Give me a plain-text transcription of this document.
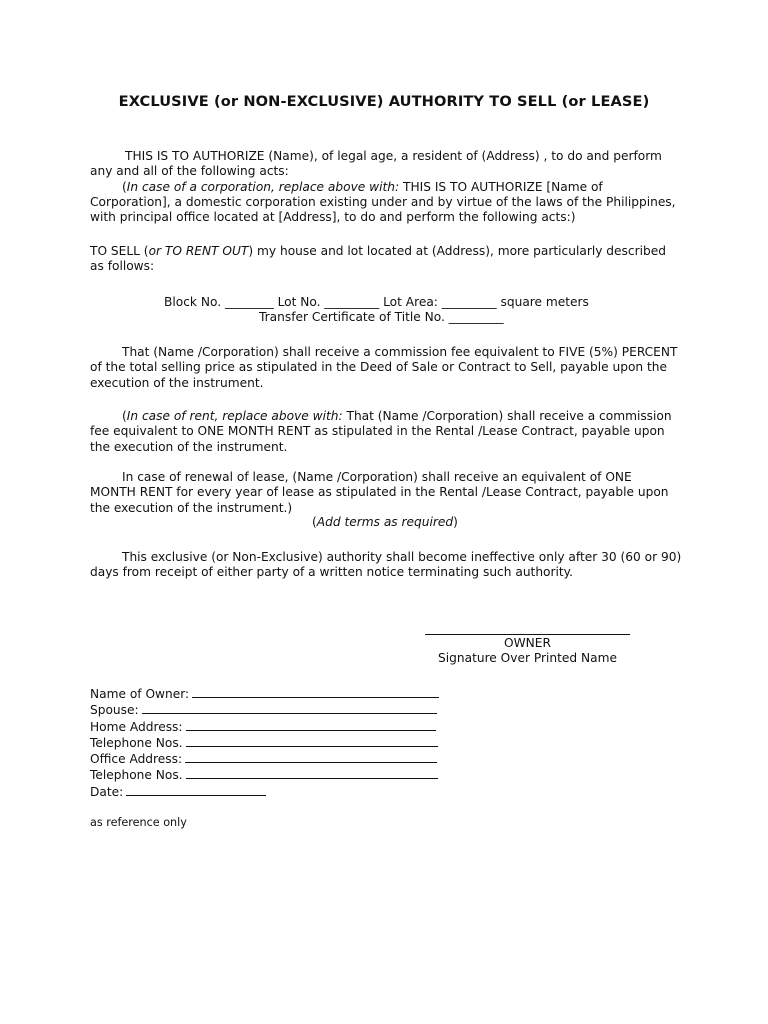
EXCLUSIVE (or NON-EXCLUSIVE) AUTHORITY TO SELL (or LEASE)
THIS IS TO AUTHORIZE (Name), of legal age, a resident of (Address) , to do and perform
any and all of the following acts:
(In case of a corporation, replace above with: THIS IS TO AUTHORIZE [Name of
Corporation], a domestic corporation existing under and by virtue of the laws of the Philippines,
with principal office located at [Address], to do and perform the following acts:)
TO SELL (or TO RENT OUT) my house and lot located at (Address), more particularly described
as follows:
Block No. ________ Lot No. _________ Lot Area: _________ square meters
Transfer Certificate of Title No. _________
That (Name /Corporation) shall receive a commission fee equivalent to FIVE (5%) PERCENT
of the total selling price as stipulated in the Deed of Sale or Contract to Sell, payable upon the
execution of the instrument.
(In case of rent, replace above with: That (Name /Corporation) shall receive a commission
fee equivalent to ONE MONTH RENT as stipulated in the Rental /Lease Contract, payable upon
the execution of the instrument.
In case of renewal of lease, (Name /Corporation) shall receive an equivalent of ONE
MONTH RENT for every year of lease as stipulated in the Rental /Lease Contract, payable upon
the execution of the instrument.)
(Add terms as required)
This exclusive (or Non-Exclusive) authority shall become ineffective only after 30 (60 or 90)
days from receipt of either party of a written notice terminating such authority.
OWNER
Signature Over Printed Name
Name of Owner:
Spouse:
Home Address:
Telephone Nos.
Office Address:
Telephone Nos.
Date:
as reference only
